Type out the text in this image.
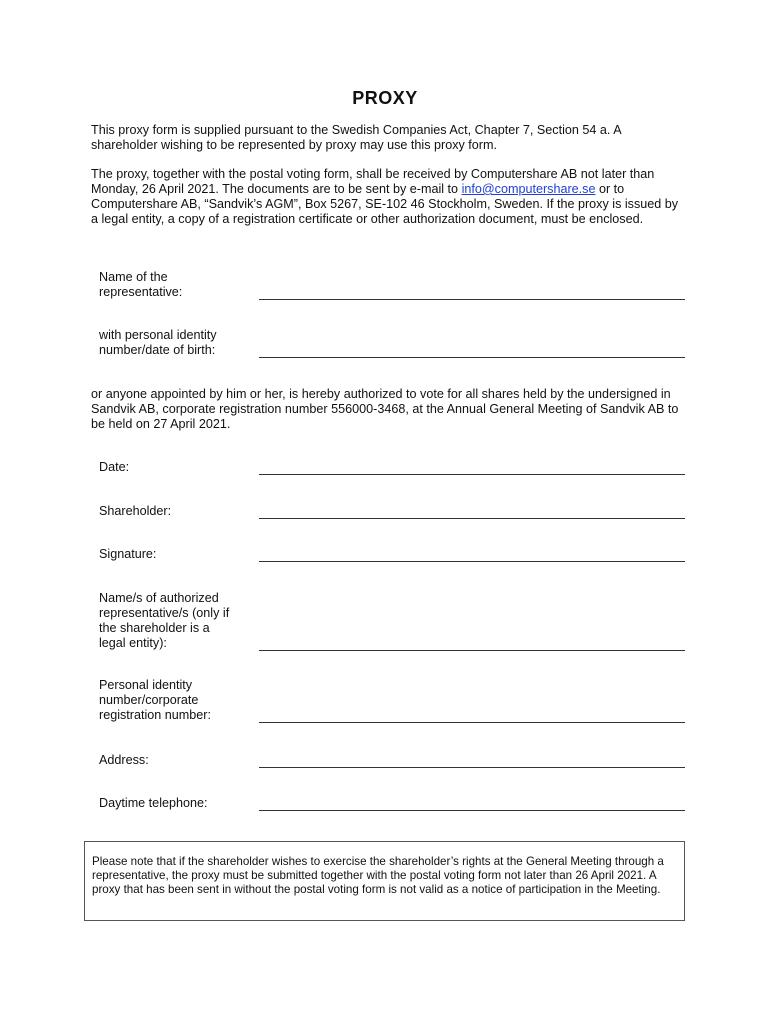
PROXY
This proxy form is supplied pursuant to the Swedish Companies Act, Chapter 7, Section 54 a. A shareholder wishing to be represented by proxy may use this proxy form.
The proxy, together with the postal voting form, shall be received by Computershare AB not later than Monday, 26 April 2021. The documents are to be sent by e-mail to info@computershare.se or to Computershare AB, “Sandvik’s AGM”, Box 5267, SE-102 46 Stockholm, Sweden. If the proxy is issued by a legal entity, a copy of a registration certificate or other authorization document, must be enclosed.
Name of the
representative:
with personal identity
number/date of birth:
or anyone appointed by him or her, is hereby authorized to vote for all shares held by the undersigned in Sandvik AB, corporate registration number 556000-3468, at the Annual General Meeting of Sandvik AB to be held on 27 April 2021.
Date:
Shareholder:
Signature:
Name/s of authorized
representative/s (only if
the shareholder is a
legal entity):
Personal identity
number/corporate
registration number:
Address:
Daytime telephone:
Please note that if the shareholder wishes to exercise the shareholder’s rights at the General Meeting through a representative, the proxy must be submitted together with the postal voting form not later than 26 April 2021. A proxy that has been sent in without the postal voting form is not valid as a notice of participation in the Meeting.
